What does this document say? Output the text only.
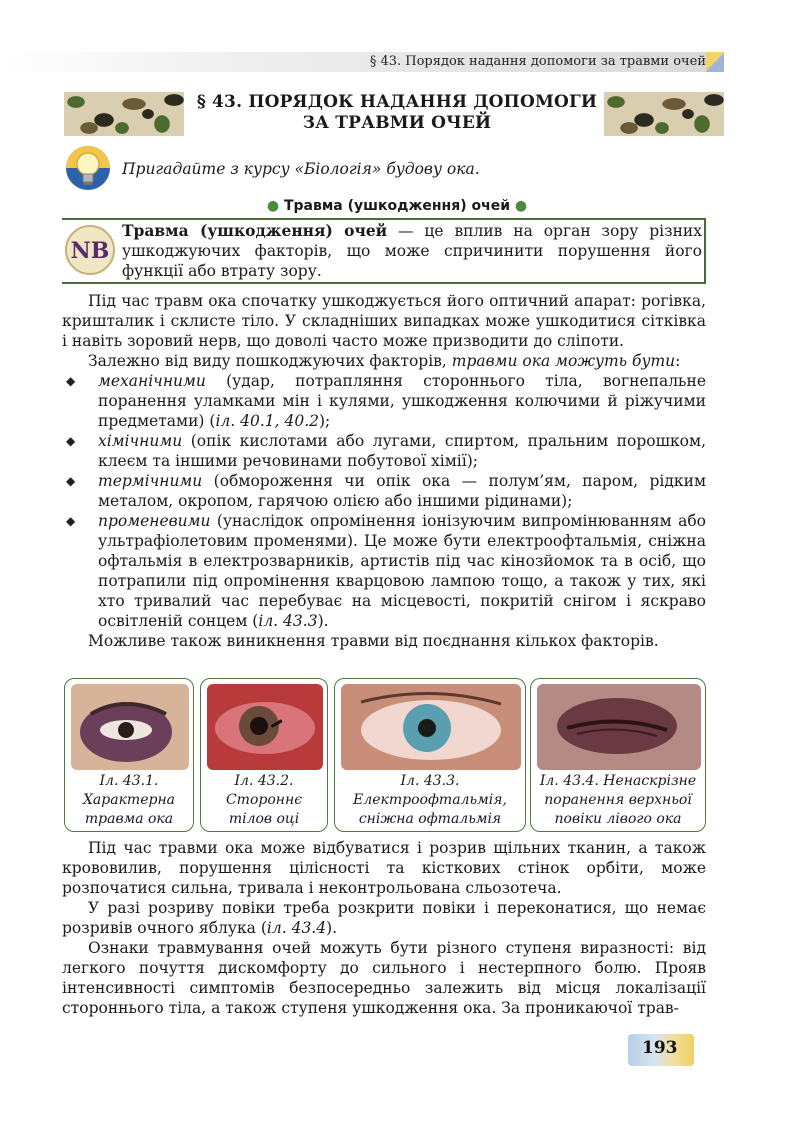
§ 43. Порядок надання допомоги за травми очей
§ 43. ПОРЯДОК НАДАННЯ ДОПОМОГИ
ЗА ТРАВМИ ОЧЕЙ
Пригадайте з курсу «Біологія» будову ока.
● Травма (ушкодження) очей ●
NB
Травма (ушкодження) очей — це вплив на орган зору різних ушкоджуючих факторів, що може спричинити порушення його функції або втрату зору.

Під час травм ока спочатку ушкоджується його оптичний апарат: рогівка, кришталик і склисте тіло. У складніших випадках може ушкодитися сітківка і навіть зоровий нерв, що доволі часто може призводити до сліпоти.

Залежно від виду пошкоджуючих факторів, травми ока можуть бути:

◆ механічними (удар, потрапляння стороннього тіла, вогнепальне поранення уламками мін і кулями, ушкодження колючими й ріжучими предметами) (іл. 40.1, 40.2);
◆ хімічними (опік кислотами або лугами, спиртом, пральним порошком, клеєм та іншими речовинами побутової хімії);
◆ термічними (обмороження чи опік ока — полум’ям, паром, рідким металом, окропом, гарячою олією або іншими рідинами);
◆ променевими (унаслідок опромінення іонізуючим випромінюванням або ультрафіолетовим променями). Це може бути електроофтальмія, снiжна офтальмія в електрозварників, артистів під час кінозйомок та в осіб, що потрапили під опромінення кварцовою лампою тощо, а також у тих, які хто тривалий час перебуває на місцевості, покритій снігом і яскраво освітленій сонцем (іл. 43.3).

Можливе також виникнення травми від поєднання кількох факторів.

Іл. 43.1. Характерна травма ока
Іл. 43.2. Стороннє тілов оці
Іл. 43.3. Електроофтальмія, снiжна офтальмія
Іл. 43.4. Ненаскрізне поранення верхньої повіки лівого ока

Під час травми ока може відбуватися і розрив щільних тканин, а також крововилив, порушення цілісності та кісткових стінок орбіти, може розпочатися сильна, тривала і неконтрольована сльозотеча.

У разі розриву повіки треба розкрити повіки і переконатися, що немає розривів очного яблука (іл. 43.4).

Ознаки травмування очей можуть бути різного ступеня виразності: від легкого почуття дискомфорту до сильного і нестерпного болю. Прояв інтенсивності симптомів безпосередньо залежить від місця локалізації стороннього тіла, а також ступеня ушкодження ока. За проникаючої трав-

193
